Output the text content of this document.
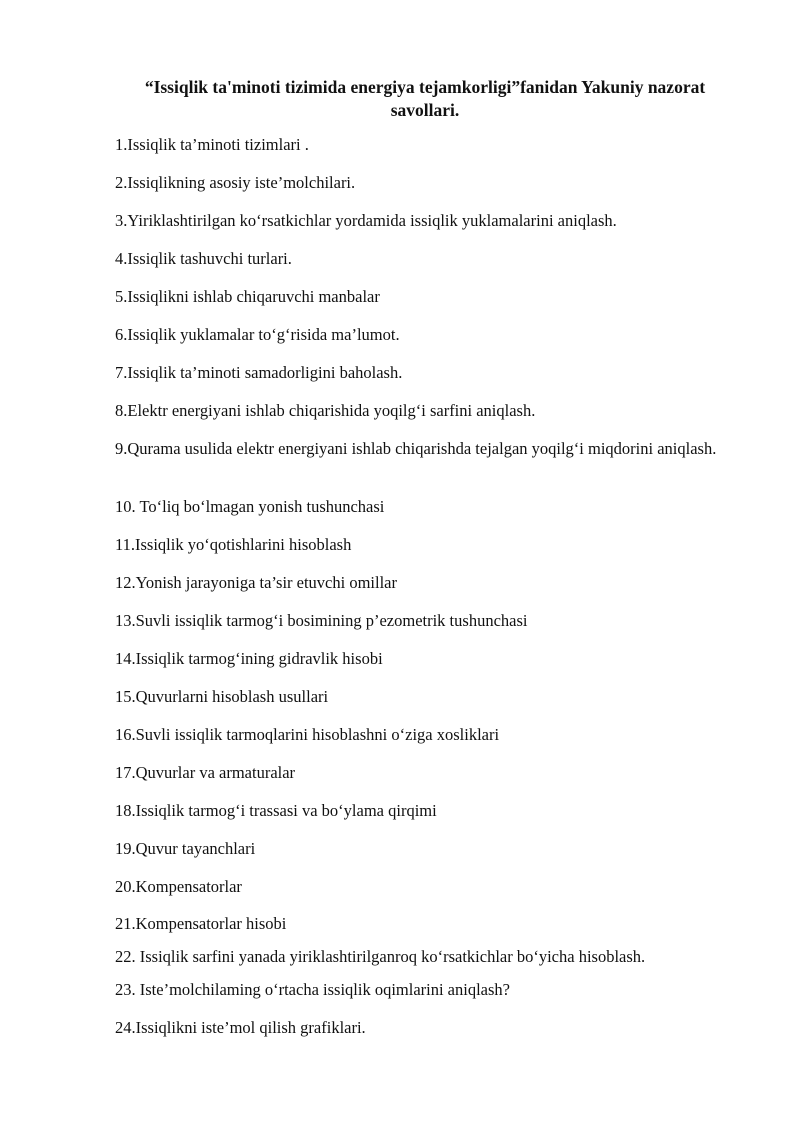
“Issiqlik ta'minoti tizimida energiya tejamkorligi”fanidan Yakuniy nazorat savollari.
1.Issiqlik ta’minoti tizimlari .
2.Issiqlikning asosiy iste’molchilari.
3.Yiriklashtirilgan ko‘rsatkichlar yordamida issiqlik yuklamalarini aniqlash.
4.Issiqlik tashuvchi turlari.
5.Issiqlikni ishlab chiqaruvchi manbalar
6.Issiqlik yuklamalar to‘g‘risida ma’lumot.
7.Issiqlik ta’minoti samadorligini baholash.
8.Elektr energiyani ishlab chiqarishida yoqilg‘i sarfini aniqlash.
9.Qurama usulida elektr energiyani ishlab chiqarishda tejalgan yoqilg‘i miqdorini aniqlash.
10. To‘liq bo‘lmagan yonish tushunchasi
11.Issiqlik yo‘qotishlarini hisoblash
12.Yonish jarayoniga ta’sir etuvchi omillar
13.Suvli issiqlik tarmog‘i bosimining p’ezometrik tushunchasi
14.Issiqlik tarmog‘ining gidravlik hisobi
15.Quvurlarni hisoblash usullari
16.Suvli issiqlik tarmoqlarini hisoblashni o‘ziga xosliklari
17.Quvurlar va armaturalar
18.Issiqlik tarmog‘i trassasi va bo‘ylama qirqimi
19.Quvur tayanchlari
20.Kompensatorlar
21.Kompensatorlar hisobi
22. Issiqlik sarfini yanada yiriklashtirilganroq ko‘rsatkichlar bo‘yicha hisoblash.
23. Iste’molchilaming o‘rtacha issiqlik oqimlarini aniqlash?
24.Issiqlikni iste’mol qilish grafiklari.
